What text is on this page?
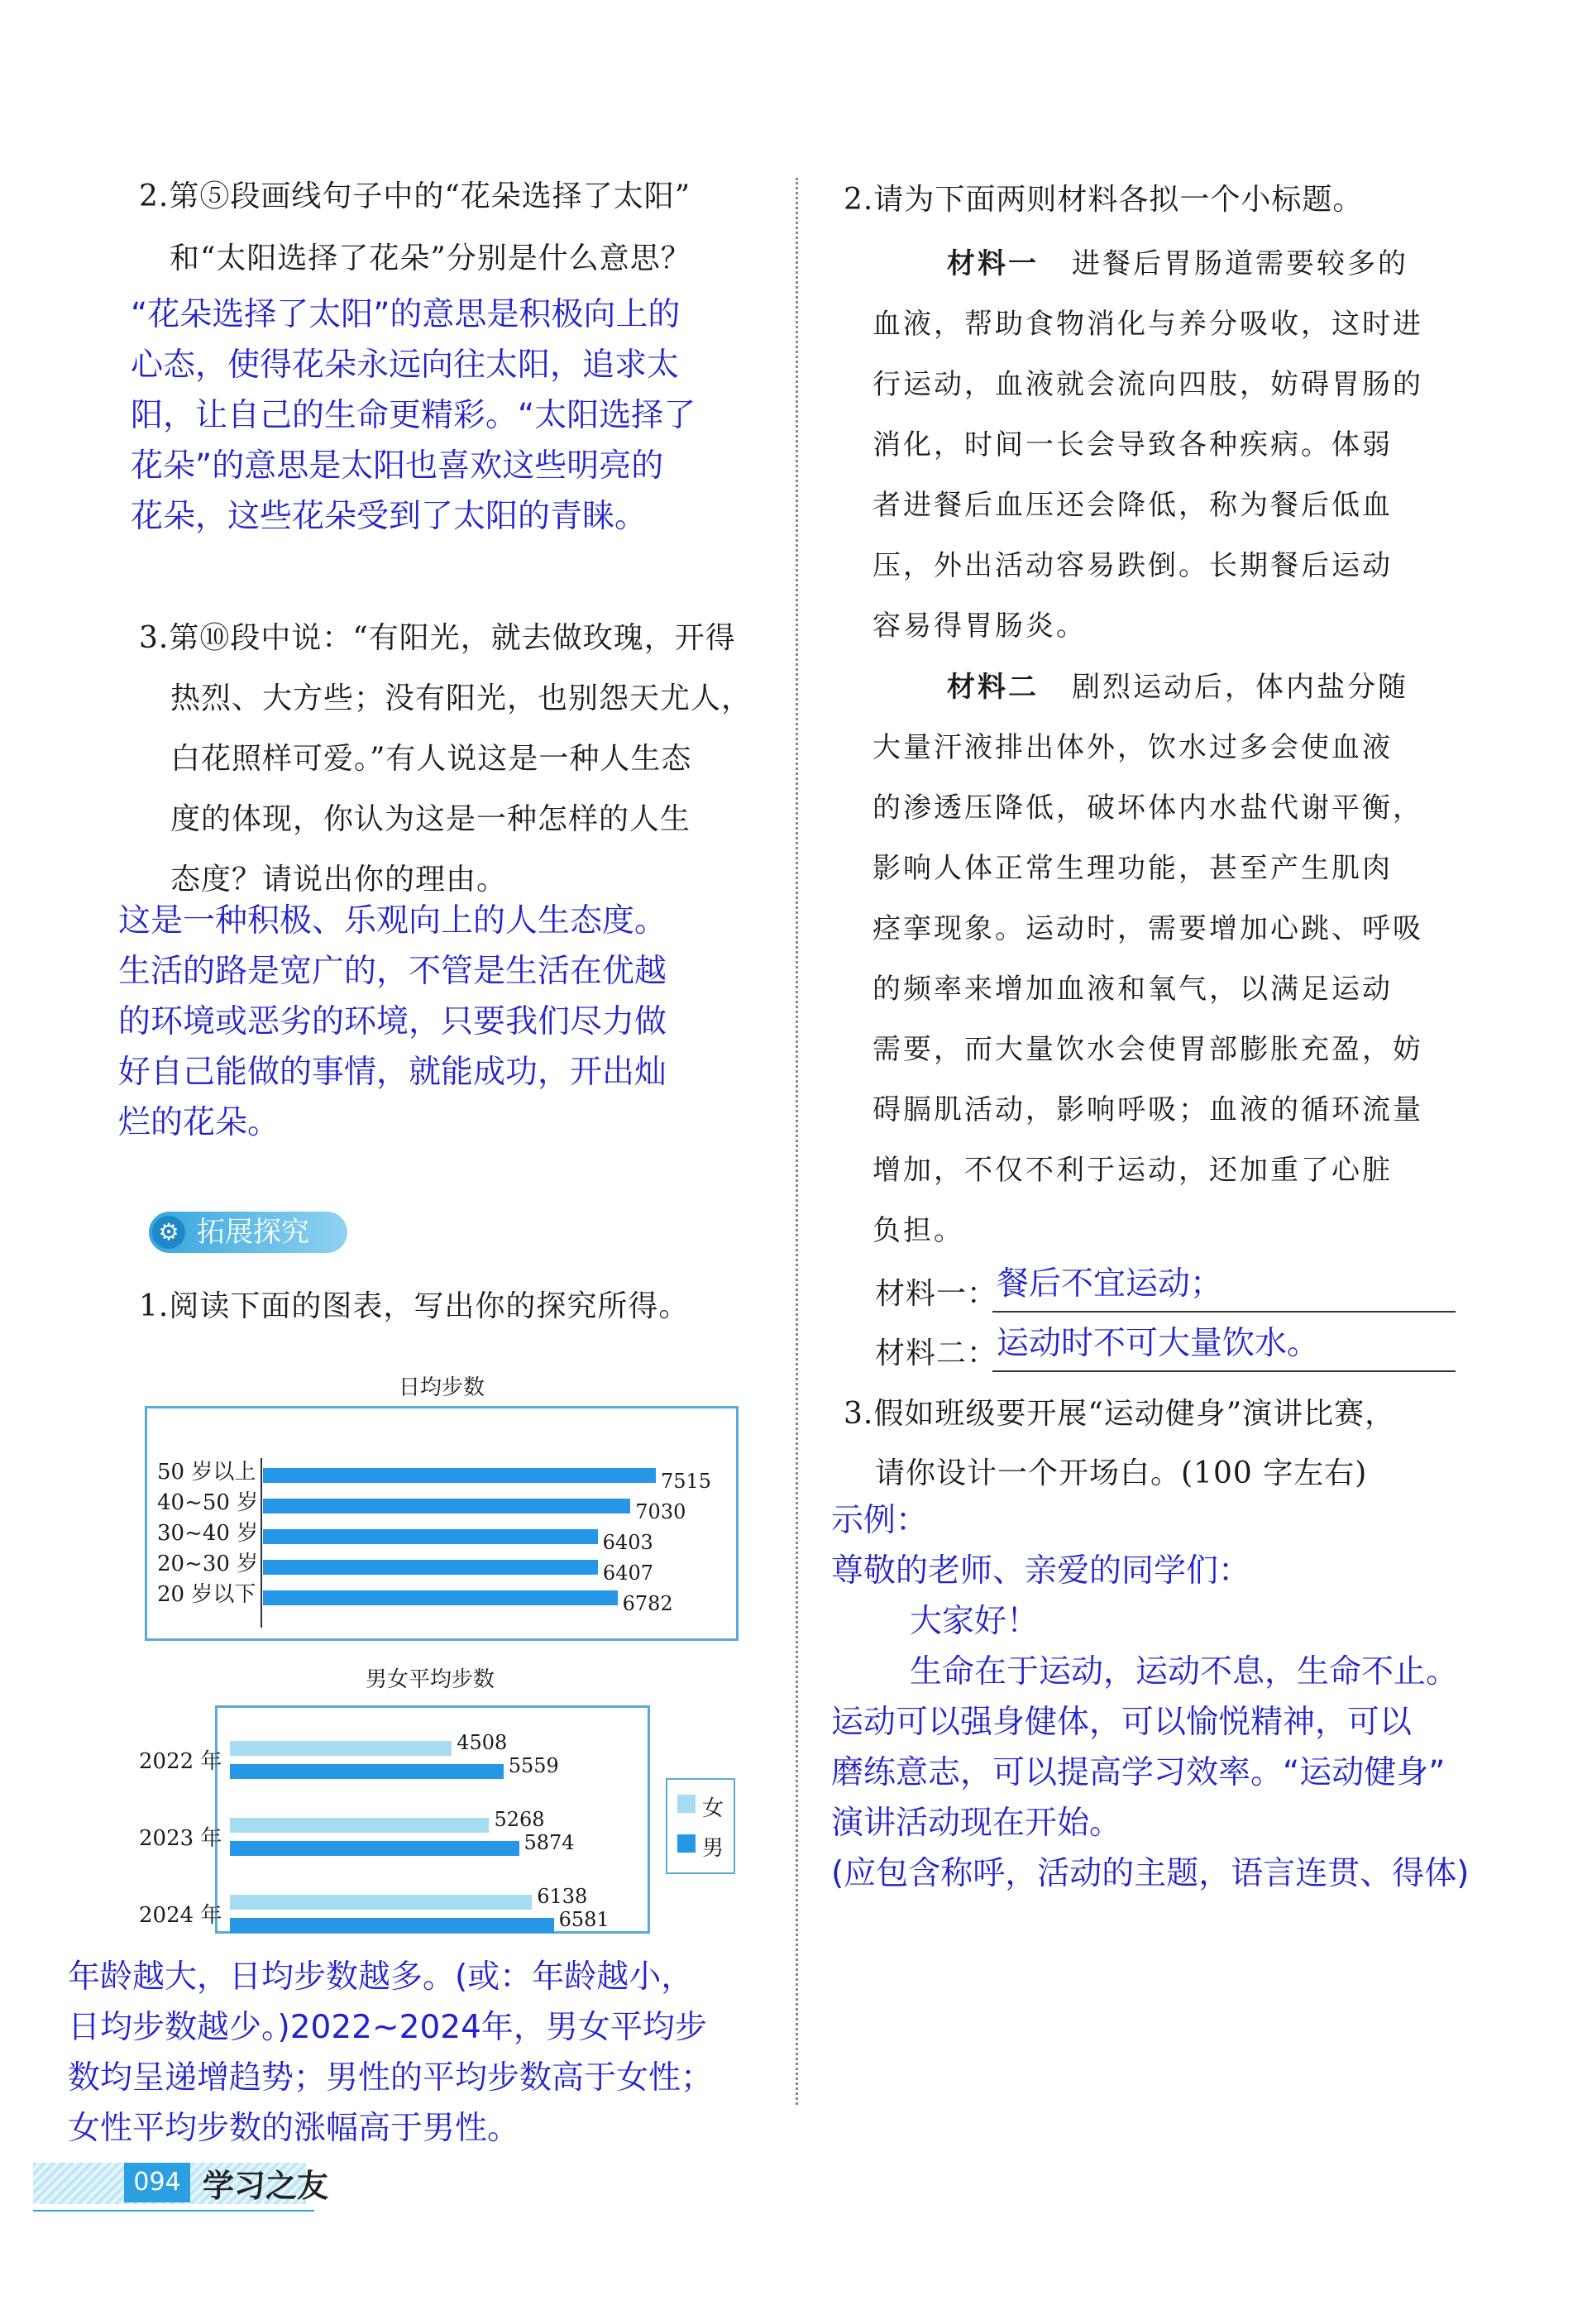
2.第⑤段画线句子中的“花朵选择了太阳”
和“太阳选择了花朵”分别是什么意思？
“花朵选择了太阳”的意思是积极向上的
心态，使得花朵永远向往太阳，追求太
阳，让自己的生命更精彩。“太阳选择了
花朵”的意思是太阳也喜欢这些明亮的
花朵，这些花朵受到了太阳的青睐。
3.第⑩段中说：“有阳光，就去做玫瑰，开得
热烈、大方些；没有阳光，也别怨天尤人，
白花照样可爱。”有人说这是一种人生态
度的体现，你认为这是一种怎样的人生
态度？请说出你的理由。
这是一种积极、乐观向上的人生态度。
生活的路是宽广的，不管是生活在优越
的环境或恶劣的环境，只要我们尽力做
好自己能做的事情，就能成功，开出灿
烂的花朵。
⚙ 拓展探究
1.阅读下面的图表，写出你的探究所得。
日均步数
50 岁以上	7515
40~50 岁	7030
30~40 岁	6403
20~30 岁	6407
20 岁以下	6782
男女平均步数
2022 年
4508
5559
2023 年
5268
5874
2024 年
6138
6581
女
男
年龄越大，日均步数越多。(或：年龄越小，
日均步数越少。)2022~2024年，男女平均步
数均呈递增趋势；男性的平均步数高于女性；
女性平均步数的涨幅高于男性。
2.请为下面两则材料各拟一个小标题。
材料一 进餐后胃肠道需要较多的
血液，帮助食物消化与养分吸收，这时进
行运动，血液就会流向四肢，妨碍胃肠的
消化，时间一长会导致各种疾病。体弱
者进餐后血压还会降低，称为餐后低血
压，外出活动容易跌倒。长期餐后运动
容易得胃肠炎。
材料二 剧烈运动后，体内盐分随
大量汗液排出体外，饮水过多会使血液
的渗透压降低，破坏体内水盐代谢平衡，
影响人体正常生理功能，甚至产生肌肉
痉挛现象。运动时，需要增加心跳、呼吸
的频率来增加血液和氧气，以满足运动
需要，而大量饮水会使胃部膨胀充盈，妨
碍膈肌活动，影响呼吸；血液的循环流量
增加，不仅不利于运动，还加重了心脏
负担。
材料一：
餐后不宜运动；
材料二：
运动时不可大量饮水。
3.假如班级要开展“运动健身”演讲比赛，
请你设计一个开场白。(100 字左右)
示例：
尊敬的老师、亲爱的同学们：
大家好！
生命在于运动，运动不息，生命不止。
运动可以强身健体，可以愉悦精神，可以
磨练意志，可以提高学习效率。“运动健身”
演讲活动现在开始。
(应包含称呼，活动的主题，语言连贯、得体)
094 学习之友
